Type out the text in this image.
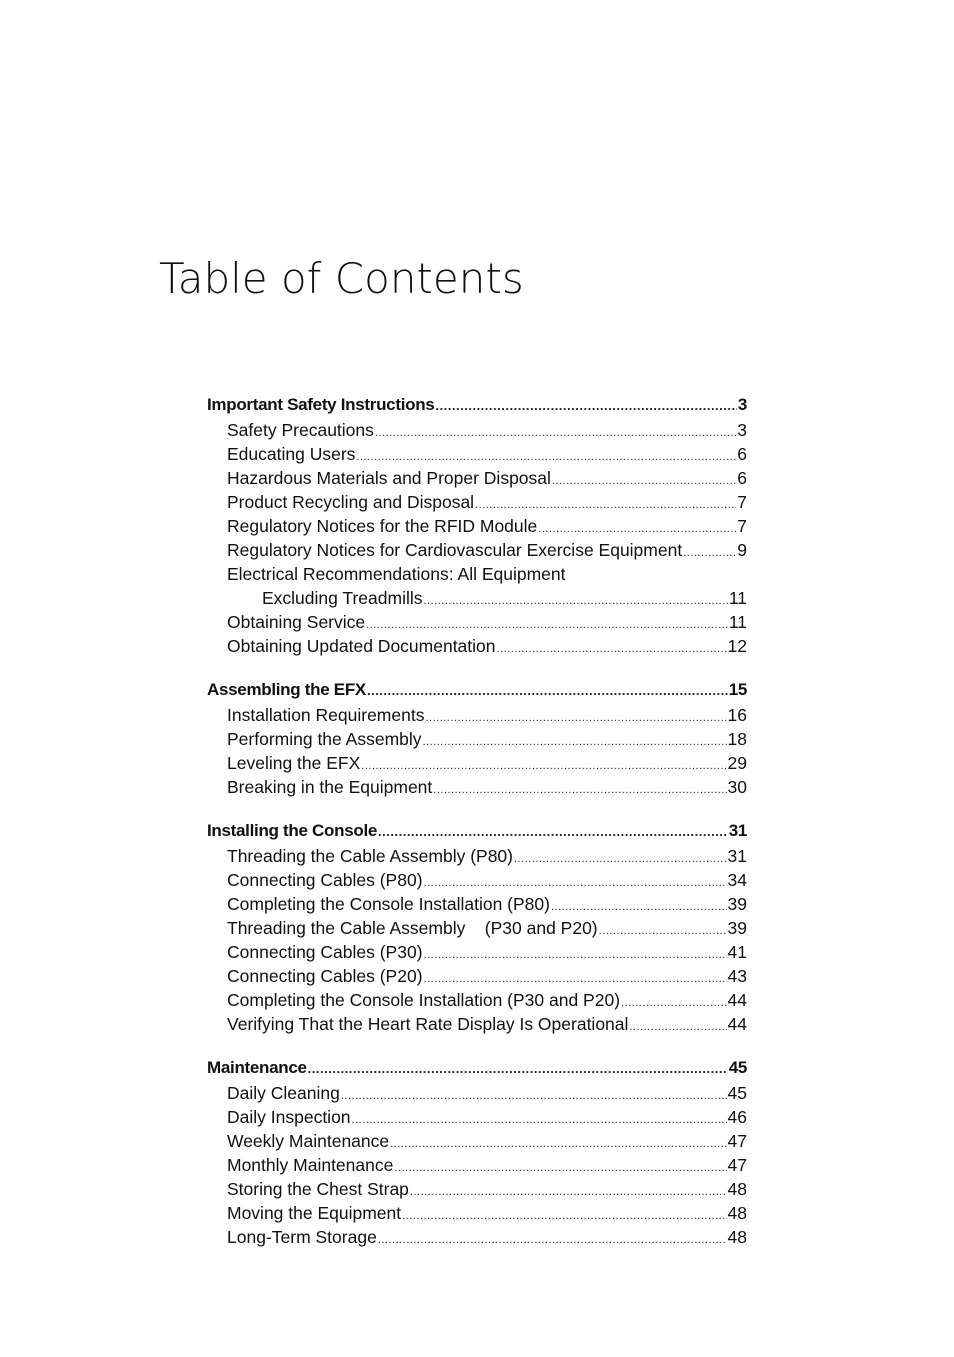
Table of Contents
Important Safety Instructions .....	3
Safety Precautions .....	3
Educating Users .....	6
Hazardous Materials and Proper Disposal .....	6
Product Recycling and Disposal .....	7
Regulatory Notices for the RFID Module .....	7
Regulatory Notices for Cardiovascular Exercise Equipment .....	9
Electrical Recommendations: All Equipment
Excluding Treadmills .....	11
Obtaining Service .....	11
Obtaining Updated Documentation .....	12
Assembling the EFX .....	15
Installation Requirements .....	16
Performing the Assembly .....	18
Leveling the EFX .....	29
Breaking in the Equipment .....	30
Installing the Console .....	31
Threading the Cable Assembly (P80) .....	31
Connecting Cables (P80) .....	34
Completing the Console Installation (P80) .....	39
Threading the Cable Assembly    (P30 and P20) .....	39
Connecting Cables (P30) .....	41
Connecting Cables (P20) .....	43
Completing the Console Installation (P30 and P20) .....	44
Verifying That the Heart Rate Display Is Operational .....	44
Maintenance .....	45
Daily Cleaning .....	45
Daily Inspection .....	46
Weekly Maintenance .....	47
Monthly Maintenance .....	47
Storing the Chest Strap .....	48
Moving the Equipment .....	48
Long-Term Storage .....	48
